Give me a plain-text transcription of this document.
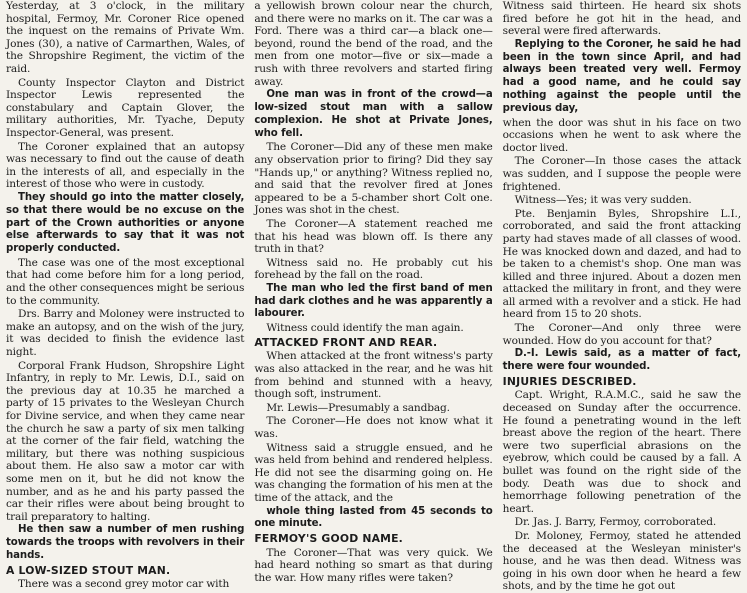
Yesterday, at 3 o'clock, in the military hospital, Fermoy, Mr. Coroner Rice opened the inquest on the remains of Private Wm. Jones (30), a native of Carmarthen, Wales, of the Shropshire Regiment, the victim of the raid.

County Inspector Clayton and District Inspector Lewis represented the constabulary and Captain Glover, the military authorities, Mr. Tyache, Deputy Inspector-General, was present.

The Coroner explained that an autopsy was necessary to find out the cause of death in the interests of all, and especially in the interest of those who were in custody.

They should go into the matter closely, so that there would be no excuse on the part of the Crown authorities or anyone else afterwards to say that it was not properly conducted.

The case was one of the most exceptional that had come before him for a long period, and the other consequences might be serious to the community.

Drs. Barry and Moloney were instructed to make an autopsy, and on the wish of the jury, it was decided to finish the evidence last night.

Corporal Frank Hudson, Shropshire Light Infantry, in reply to Mr. Lewis, D.I., said on the previous day at 10.35 he marched a party of 15 privates to the Wesleyan Church for Divine service, and when they came near the church he saw a party of six men talking at the corner of the fair field, watching the military, but there was nothing suspicious about them. He also saw a motor car with some men on it, but he did not know the number, and as he and his party passed the car their rifles were about being brought to trail preparatory to halting.

He then saw a number of men rushing towards the troops with revolvers in their hands.

A LOW-SIZED STOUT MAN.

There was a second grey motor car with

a yellowish brown colour near the church, and there were no marks on it. The car was a Ford. There was a third car—a black one—beyond, round the bend of the road, and the men from one motor—five or six—made a rush with three revolvers and started firing away.

One man was in front of the crowd—a low-sized stout man with a sallow complexion. He shot at Private Jones, who fell.

The Coroner—Did any of these men make any observation prior to firing? Did they say "Hands up," or anything? Witness replied no, and said that the revolver fired at Jones appeared to be a 5-chamber short Colt one. Jones was shot in the chest.

The Coroner—A statement reached me that his head was blown off. Is there any truth in that?

Witness said no. He probably cut his forehead by the fall on the road.

The man who led the first band of men had dark clothes and he was apparently a labourer.

Witness could identify the man again.

ATTACKED FRONT AND REAR.

When attacked at the front witness's party was also attacked in the rear, and he was hit from behind and stunned with a heavy, though soft, instrument.

Mr. Lewis—Presumably a sandbag.

The Coroner—He does not know what it was.

Witness said a struggle ensued, and he was held from behind and rendered helpless. He did not see the disarming going on. He was changing the formation of his men at the time of the attack, and the

whole thing lasted from 45 seconds to one minute.

FERMOY'S GOOD NAME.

The Coroner—That was very quick. We had heard nothing so smart as that during the war. How many rifles were taken?

Witness said thirteen. He heard six shots fired before he got hit in the head, and several were fired afterwards.

Replying to the Coroner, he said he had been in the town since April, and had always been treated very well. Fermoy had a good name, and he could say nothing against the people until the previous day,

when the door was shut in his face on two occasions when he went to ask where the doctor lived.

The Coroner—In those cases the attack was sudden, and I suppose the people were frightened.

Witness—Yes; it was very sudden.

Pte. Benjamin Byles, Shropshire L.I., corroborated, and said the front attacking party had staves made of all classes of wood. He was knocked down and dazed, and had to be taken to a chemist's shop. One man was killed and three injured. About a dozen men attacked the military in front, and they were all armed with a revolver and a stick. He had heard from 15 to 20 shots.

The Coroner—And only three were wounded. How do you account for that?

D.-I. Lewis said, as a matter of fact, there were four wounded.

INJURIES DESCRIBED.

Capt. Wright, R.A.M.C., said he saw the deceased on Sunday after the occurrence. He found a penetrating wound in the left breast above the region of the heart. There were two superficial abrasions on the eyebrow, which could be caused by a fall. A bullet was found on the right side of the body. Death was due to shock and hemorrhage following penetration of the heart.

Dr. Jas. J. Barry, Fermoy, corroborated.

Dr. Moloney, Fermoy, stated he attended the deceased at the Wesleyan minister's house, and he was then dead. Witness was going in his own door when he heard a few shots, and by the time he got out
